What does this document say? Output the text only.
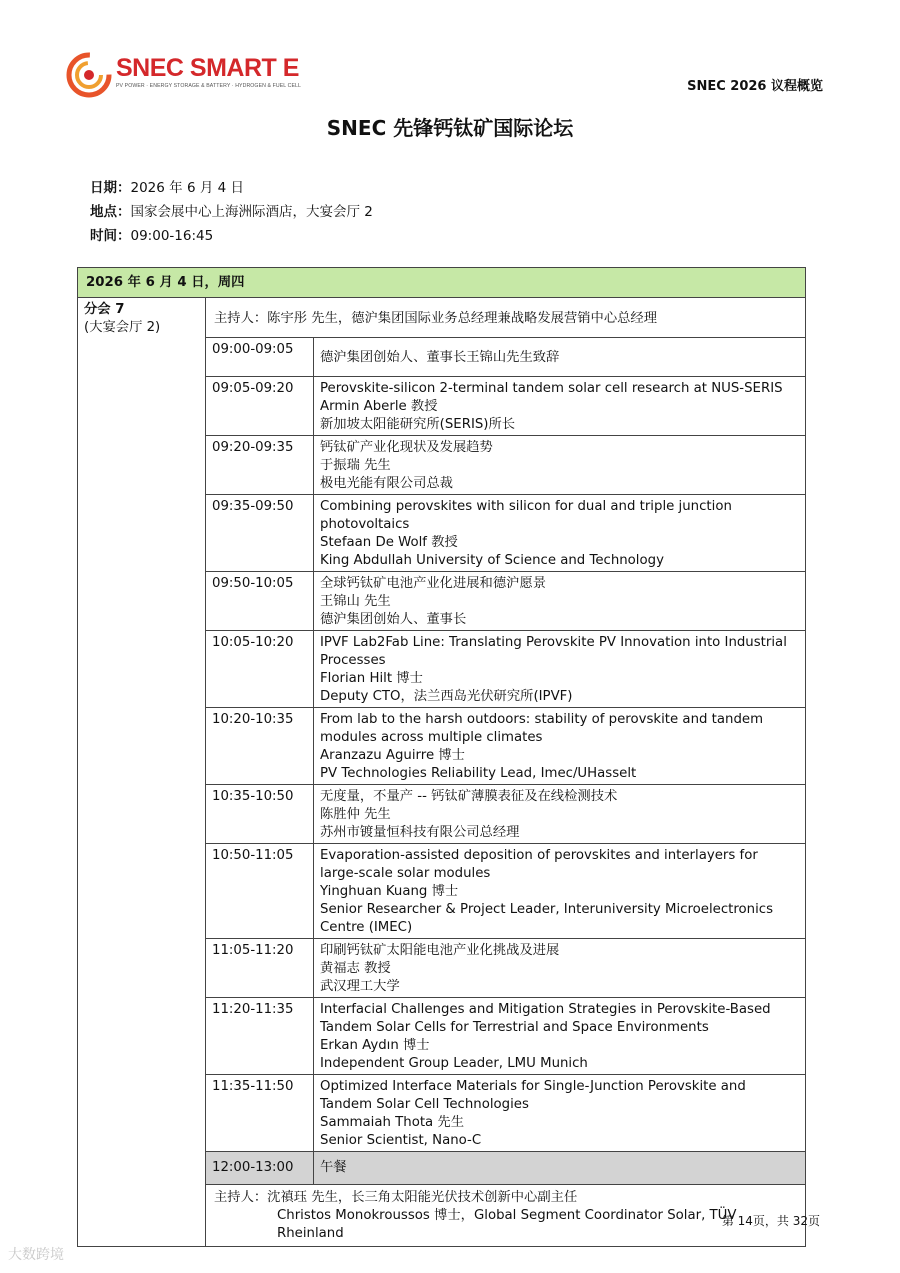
SNEC SMART E
PV POWER · ENERGY STORAGE & BATTERY · HYDROGEN & FUEL CELL	SNEC 2026 议程概览
SNEC 先锋钙钛矿国际论坛
日期：2026 年 6 月 4 日
地点：国家会展中心上海洲际酒店，大宴会厅 2
时间：09:00-16:45
2026 年 6 月 4 日，周四

分会 7
(大宴会厅 2)

主持人：陈宇彤 先生，德沪集团国际业务总经理兼战略发展营销中心总经理
09:00-09:05	
德沪集团创始人、董事长王锦山先生致辞

09:05-09:20	Perovskite-silicon 2-terminal tandem solar cell research at NUS-SERIS
Armin Aberle 教授
新加坡太阳能研究所(SERIS)所长

09:20-09:35	钙钛矿产业化现状及发展趋势
于振瑞 先生
极电光能有限公司总裁

09:35-09:50	Combining perovskites with silicon for dual and triple junction photovoltaics
Stefaan De Wolf 教授
King Abdullah University of Science and Technology

09:50-10:05	全球钙钛矿电池产业化进展和德沪愿景
王锦山 先生
德沪集团创始人、董事长

10:05-10:20	IPVF Lab2Fab Line: Translating Perovskite PV Innovation into Industrial Processes
Florian Hilt 博士
Deputy CTO，法兰西岛光伏研究所(IPVF)

10:20-10:35	From lab to the harsh outdoors: stability of perovskite and tandem modules across multiple climates
Aranzazu Aguirre 博士
PV Technologies Reliability Lead, Imec/UHasselt

10:35-10:50	无度量，不量产 -- 钙钛矿薄膜表征及在线检测技术
陈胜仲 先生
苏州市镀量恒科技有限公司总经理

10:50-11:05	Evaporation-assisted deposition of perovskites and interlayers for large-scale solar modules
Yinghuan Kuang 博士
Senior Researcher & Project Leader, Interuniversity Microelectronics Centre (IMEC)

11:05-11:20	印刷钙钛矿太阳能电池产业化挑战及进展
黄福志 教授
武汉理工大学

11:20-11:35	Interfacial Challenges and Mitigation Strategies in Perovskite-Based Tandem Solar Cells for Terrestrial and Space Environments
Erkan Aydın 博士
Independent Group Leader, LMU Munich

11:35-11:50	Optimized Interface Materials for Single-Junction Perovskite and Tandem Solar Cell Technologies
Sammaiah Thota 先生
Senior Scientist, Nano-C

12:00-13:00	午餐

主持人：沈禛珏 先生，长三角太阳能光伏技术创新中心副主任
Christos Monokroussos 博士，Global Segment Coordinator Solar, TÜV Rheinland
第 14页，共 32页
大数跨境
